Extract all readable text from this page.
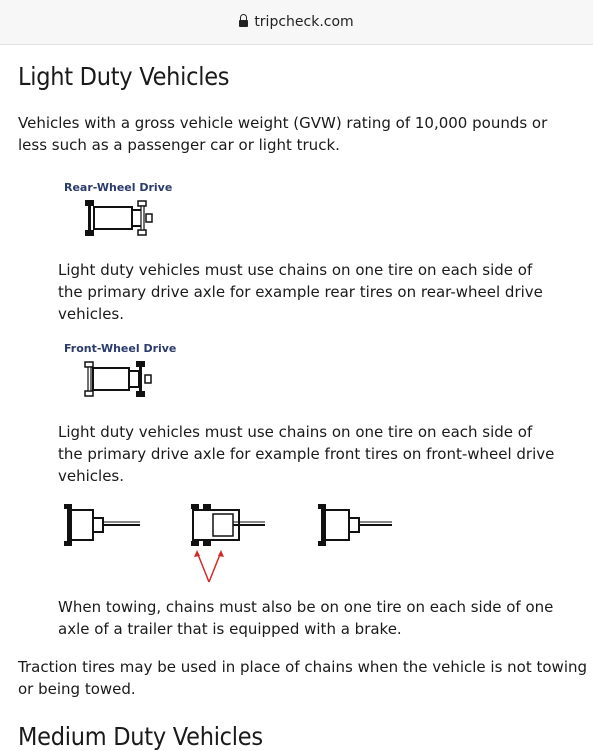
tripcheck.com
Light Duty Vehicles

Vehicles with a gross vehicle weight (GVW) rating of 10,000 pounds or less such as a passenger car or light truck.

Rear-Wheel Drive

Light duty vehicles must use chains on one tire on each side of the primary drive axle for example rear tires on rear-wheel drive vehicles.

Front-Wheel Drive

Light duty vehicles must use chains on one tire on each side of the primary drive axle for example front tires on front-wheel drive vehicles.

When towing, chains must also be on one tire on each side of one axle of a trailer that is equipped with a brake.

Traction tires may be used in place of chains when the vehicle is not towing or being towed.

Medium Duty Vehicles
